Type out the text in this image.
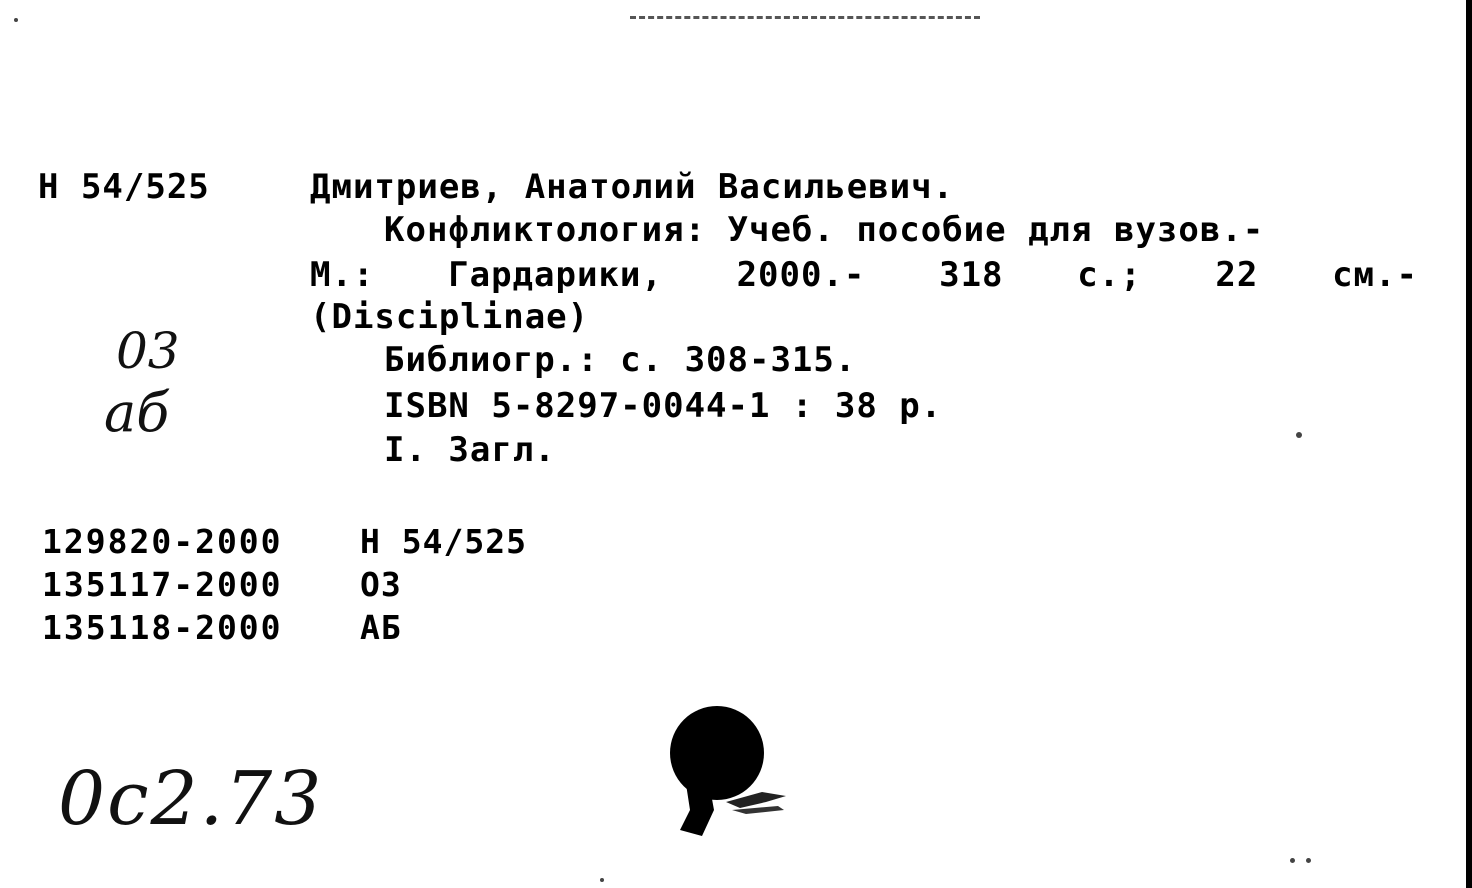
Н 54/525	Дмитриев, Анатолий Васильевич.
Конфликтология: Учеб. пособие для вузов.-
М.: Гардарики, 2000.- 318 с.; 22 см.-
(Disciplinae)
Библиогр.: с. 308-315.
ISBN 5-8297-0044-1 : 38 р.
I. Загл.
129820-2000	Н 54/525
135117-2000	ОЗ
135118-2000	АБ
03
аб
0с2.73
